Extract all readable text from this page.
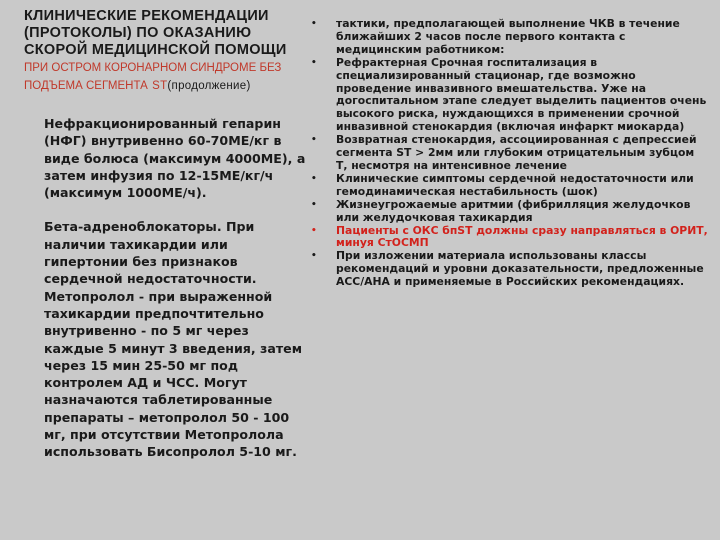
КЛИНИЧЕСКИЕ РЕКОМЕНДАЦИИ (ПРОТОКОЛЫ) ПО ОКАЗАНИЮ СКОРОЙ МЕДИЦИНСКОЙ ПОМОЩИ ПРИ ОСТРОМ КОРОНАРНОМ СИНДРОМЕ БЕЗ ПОДЪЕМА СЕГМЕНТА ST(продолжение)

Нефракционированный гепарин (НФГ) внутривенно 60-70МЕ/кг в виде болюса (максимум 4000МЕ), а затем инфузия по 12-15МЕ/кг/ч (максимум 1000МЕ/ч).

Бета-адреноблокаторы. При наличии тахикардии или гипертонии без признаков сердечной недостаточности. Метопролол - при выраженной тахикардии предпочтительно внутривенно - по 5 мг через каждые 5 минут 3 введения, затем через 15 мин 25-50 мг под контролем АД и ЧСС. Могут назначаются таблетированные препараты – метопролол 50 - 100 мг, при отсутствии Метопролола использовать Бисопролол 5-10 мг.

• тактики, предполагающей выполнение ЧКВ в течение ближайших 2 часов после первого контакта с медицинским работником:
• Рефрактерная Срочная госпитализация в специализированный стационар, где возможно проведение инвазивного вмешательства. Уже на догоспитальном этапе следует выделить пациентов очень высокого риска, нуждающихся в применении срочной инвазивной стенокардия (включая инфаркт миокарда)
• Возвратная стенокардия, ассоциированная с депрессией сегмента ST > 2мм или глубоким отрицательным зубцом Т, несмотря на интенсивное лечение
• Клинические симптомы сердечной недостаточности или гемодинамическая нестабильность (шок)
• Жизнеугрожаемые аритмии (фибрилляция желудочков или желудочковая тахикардия
• Пациенты с ОКС бпST должны сразу направляться в ОРИТ, минуя СтОСМП
• При изложении материала использованы классы рекомендаций и уровни доказательности, предложенные АСС/АНА и применяемые в Российских рекомендациях.
